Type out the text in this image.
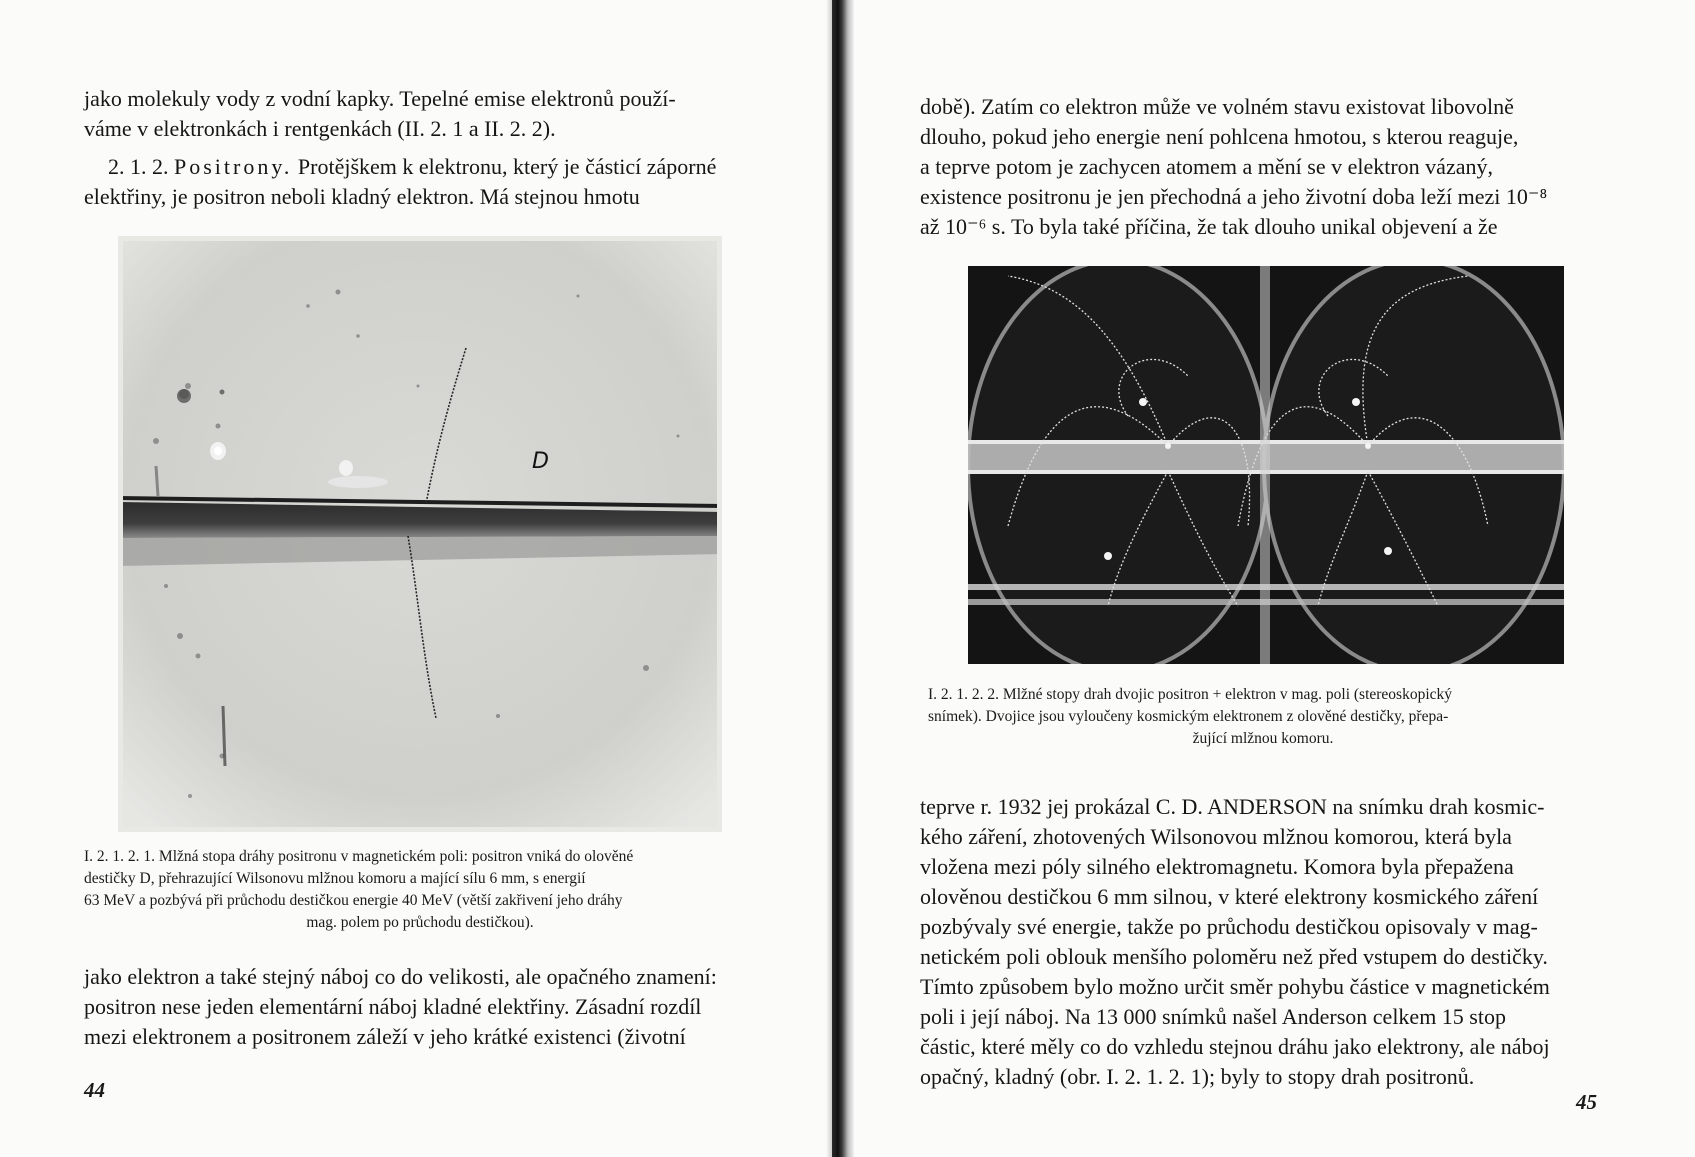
jako molekuly vody z vodní kapky. Tepelné emise elektronů použí-

váme v elektronkách i rentgenkách (II. 2. 1 a II. 2. 2).

2. 1. 2. Positrony. Protějškem k elektronu, který je částicí záporné

elektřiny, je positron neboli kladný elektron. Má stejnou hmotu

D
I. 2. 1. 2. 1. Mlžná stopa dráhy positronu v magnetickém poli: positron vniká do olověné
destičky D, přehrazující Wilsonovu mlžnou komoru a mající sílu 6 mm, s energií
63 MeV a pozbývá při průchodu destičkou energie 40 MeV (větší zakřivení jeho dráhy
mag. polem po průchodu destičkou).

jako elektron a také stejný náboj co do velikosti, ale opačného znamení:

positron nese jeden elementární náboj kladné elektřiny. Zásadní rozdíl

mezi elektronem a positronem záleží v jeho krátké existenci (životní

44

době). Zatím co elektron může ve volném stavu existovat libovolně

dlouho, pokud jeho energie není pohlcena hmotou, s kterou reaguje,

a teprve potom je zachycen atomem a mění se v elektron vázaný,

existence positronu je jen přechodná a jeho životní doba leží mezi 10⁻⁸

až 10⁻⁶ s. To byla také příčina, že tak dlouho unikal objevení a že

I. 2. 1. 2. 2. Mlžné stopy drah dvojic positron + elektron v mag. poli (stereoskopický
snímek). Dvojice jsou vyloučeny kosmickým elektronem z olověné destičky, přepa-
žující mlžnou komoru.

teprve r. 1932 jej prokázal C. D. ANDERSON na snímku drah kosmic-

kého záření, zhotovených Wilsonovou mlžnou komorou, která byla

vložena mezi póly silného elektromagnetu. Komora byla přepažena

olověnou destičkou 6 mm silnou, v které elektrony kosmického záření

pozbývaly své energie, takže po průchodu destičkou opisovaly v mag-

netickém poli oblouk menšího poloměru než před vstupem do destičky.

Tímto způsobem bylo možno určit směr pohybu částice v magnetickém

poli i její náboj. Na 13 000 snímků našel Anderson celkem 15 stop

částic, které měly co do vzhledu stejnou dráhu jako elektrony, ale náboj

opačný, kladný (obr. I. 2. 1. 2. 1); byly to stopy drah positronů.

45
